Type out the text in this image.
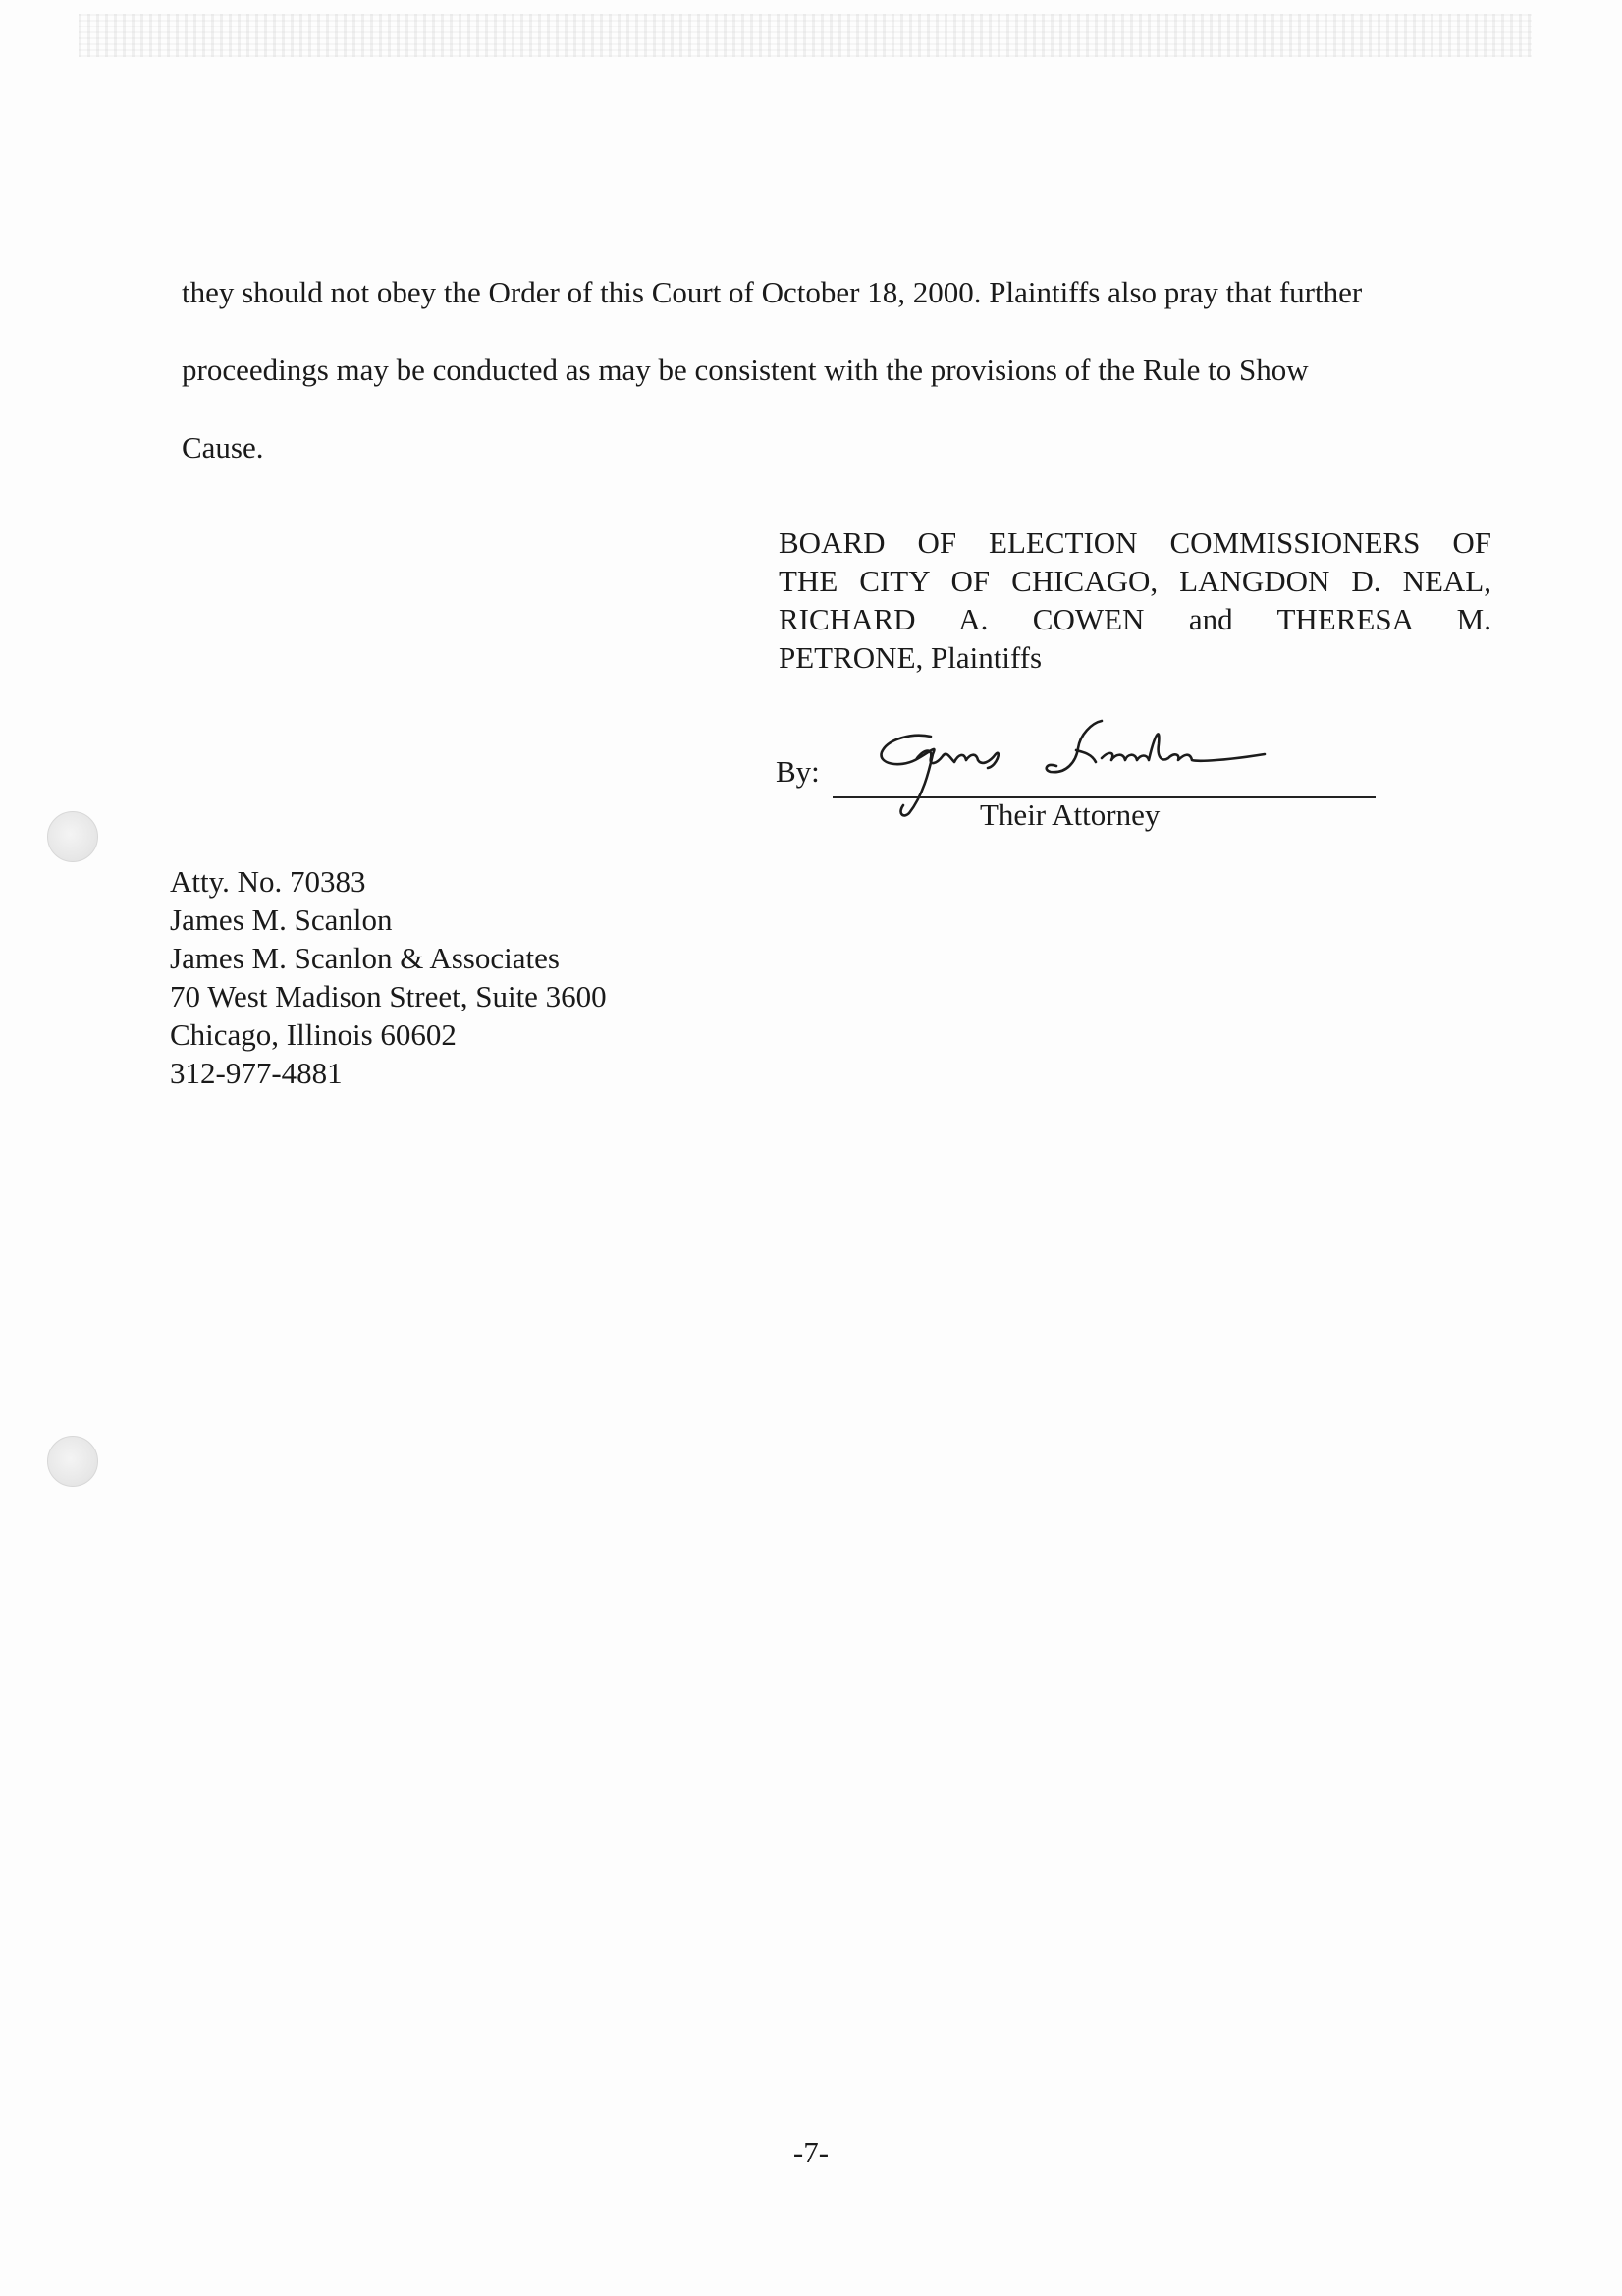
they should not obey the Order of this Court of October 18, 2000. Plaintiffs also pray that further

proceedings may be conducted as may be consistent with the provisions of the Rule to Show

Cause.

BOARD OF ELECTION COMMISSIONERS OF
THE CITY OF CHICAGO, LANGDON D. NEAL,
RICHARD A. COWEN and THERESA M.
PETRONE, Plaintiffs
By:
James Scanlon
Their Attorney
Atty. No. 70383
James M. Scanlon
James M. Scanlon & Associates
70 West Madison Street, Suite 3600
Chicago, Illinois 60602
312-977-4881
-7-
